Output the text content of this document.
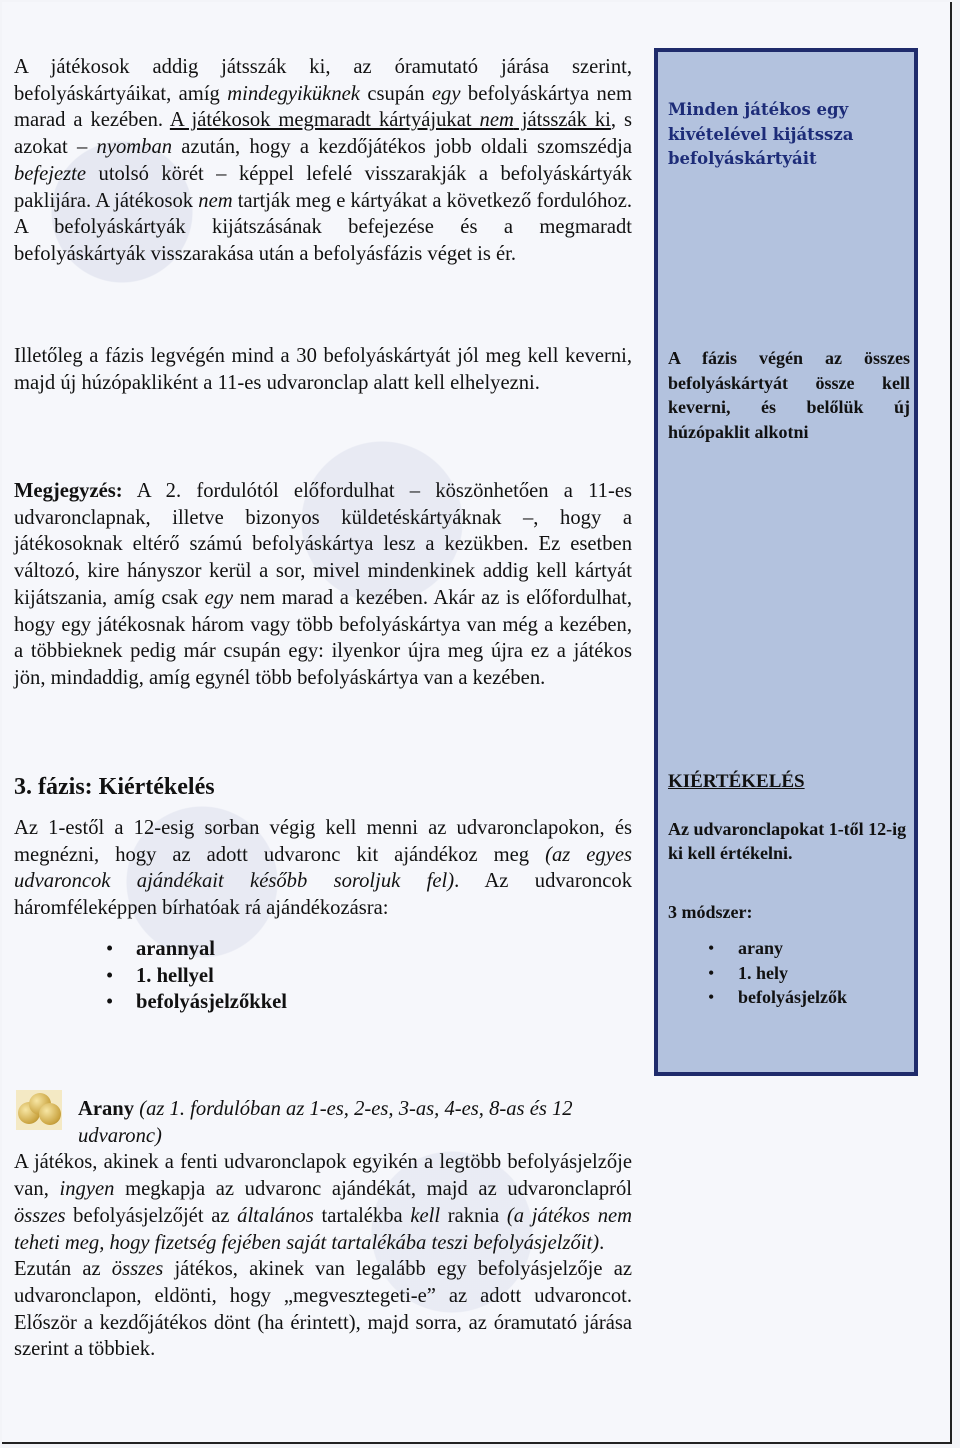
A játékosok addig játsszák ki, az óramutató járása szerint, befolyáskártyáikat, amíg mindegyiküknek csupán egy befolyáskártya nem marad a kezében. A játékosok megmaradt kártyájukat nem játsszák ki, s azokat – nyomban azután, hogy a kezdőjátékos jobb oldali szomszédja befejezte utolsó körét – képpel lefelé visszarakják a befolyáskártyák paklijára. A játékosok nem tartják meg e kártyákat a következő fordulóhoz. A befolyáskártyák kijátszásának befejezése és a megmaradt befolyáskártyák visszarakása után a befolyásfázis véget is ér.

Illetőleg a fázis legvégén mind a 30 befolyáskártyát jól meg kell keverni, majd új húzópakliként a 11-es udvaronclap alatt kell elhelyezni.

Megjegyzés: A 2. fordulótól előfordulhat – köszönhetően a 11-es udvaronclapnak, illetve bizonyos küldetéskártyáknak –, hogy a játékosoknak eltérő számú befolyáskártya lesz a kezükben. Ez esetben változó, kire hányszor kerül a sor, mivel mindenkinek addig kell kártyát kijátszania, amíg csak egy nem marad a kezében. Akár az is előfordulhat, hogy egy játékosnak három vagy több befolyáskártya van még a kezében, a többieknek pedig már csupán egy: ilyenkor újra meg újra ez a játékos jön, mindaddig, amíg egynél több befolyáskártya van a kezében.

3. fázis: Kiértékelés

Az 1-estől a 12-esig sorban végig kell menni az udvaronclapokon, és megnézni, hogy az adott udvaronc kit ajándékoz meg (az egyes udvaroncok ajándékait később soroljuk fel). Az udvaroncok háromféleképpen bírhatóak rá ajándékozásra:

• arannyal
• 1. hellyel
• befolyásjelzőkkel

Arany (az 1. fordulóban az 1-es, 2-es, 3-as, 4-es, 8-as és 12 udvaronc)

A játékos, akinek a fenti udvaronclapok egyikén a legtöbb befolyásjelzője van, ingyen megkapja az udvaronc ajándékát, majd az udvaronclapról összes befolyásjelzőjét az általános tartalékba kell raknia (a játékos nem teheti meg, hogy fizetség fejében saját tartalékába teszi befolyásjelzőit).

Ezután az összes játékos, akinek van legalább egy befolyásjelzője az udvaronclapon, eldönti, hogy „megvesztegeti-e” az adott udvaroncot. Először a kezdőjátékos dönt (ha érintett), majd sorra, az óramutató járása szerint a többiek.

Minden játékos egy kivételével kijátssza befolyáskártyáit

A fázis végén az összes befolyáskártyát össze kell keverni, és belőlük új húzópaklit alkotni

KIÉRTÉKELÉS

Az udvaronclapokat 1-től 12-ig ki kell értékelni.

3 módszer:

• arany
• 1. hely
• befolyásjelzők
